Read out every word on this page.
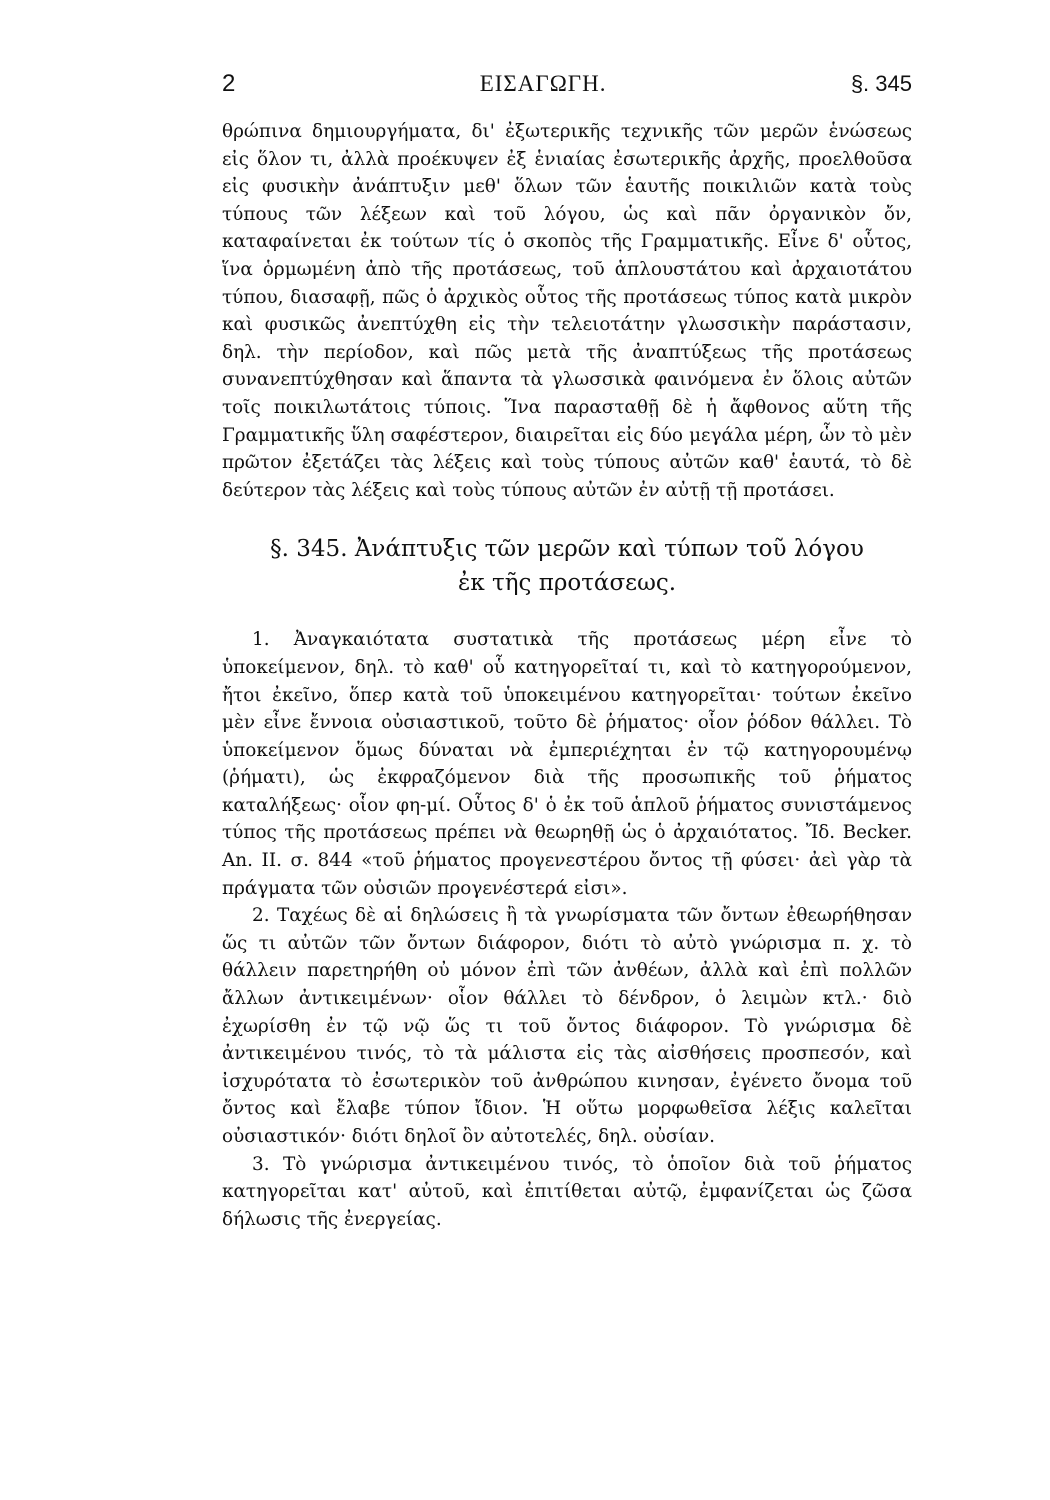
2	ΕΙΣΑΓΩΓΗ.	§. 345

θρώπινα δημιουργήματα, δι' ἐξωτερικῆς τεχνικῆς τῶν μερῶν ἑνώσεως εἰς ὅλον τι, ἀλλὰ προέκυψεν ἐξ ἑνιαίας ἐσωτερικῆς ἀρχῆς, προελθοῦσα εἰς φυσικὴν ἀνάπτυξιν μεθ' ὅλων τῶν ἑαυτῆς ποικιλιῶν κατὰ τοὺς τύπους τῶν λέξεων καὶ τοῦ λόγου, ὡς καὶ πᾶν ὀργανικὸν ὄν, καταφαίνεται ἐκ τούτων τίς ὁ σκοπὸς τῆς Γραμματικῆς. Εἶνε δ' οὗτος, ἵνα ὁρμωμένη ἀπὸ τῆς προτάσεως, τοῦ ἁπλουστάτου καὶ ἀρχαιοτάτου τύπου, διασαφῇ, πῶς ὁ ἀρχικὸς οὗτος τῆς προτάσεως τύπος κατὰ μικρὸν καὶ φυσικῶς ἀνεπτύχθη εἰς τὴν τελειοτάτην γλωσσικὴν παράστασιν, δηλ. τὴν περίοδον, καὶ πῶς μετὰ τῆς ἀναπτύξεως τῆς προτάσεως συνανεπτύχθησαν καὶ ἅπαντα τὰ γλωσσικὰ φαινόμενα ἐν ὅλοις αὐτῶν τοῖς ποικιλωτάτοις τύποις. Ἵνα παρασταθῇ δὲ ἡ ἄφθονος αὕτη τῆς Γραμματικῆς ὕλη σαφέστερον, διαιρεῖται εἰς δύο μεγάλα μέρη, ὧν τὸ μὲν πρῶτον ἐξετάζει τὰς λέξεις καὶ τοὺς τύπους αὐτῶν καθ' ἑαυτά, τὸ δὲ δεύτερον τὰς λέξεις καὶ τοὺς τύπους αὐτῶν ἐν αὐτῇ τῇ προτάσει.

§. 345. Ἀνάπτυξις τῶν μερῶν καὶ τύπων τοῦ λόγου
ἐκ τῆς προτάσεως.

1. Ἀναγκαιότατα συστατικὰ τῆς προτάσεως μέρη εἶνε τὸ ὑποκείμενον, δηλ. τὸ καθ' οὗ κατηγορεῖταί τι, καὶ τὸ κατηγορούμενον, ἤτοι ἐκεῖνο, ὅπερ κατὰ τοῦ ὑποκειμένου κατηγορεῖται· τούτων ἐκεῖνο μὲν εἶνε ἔννοια οὐσιαστικοῦ, τοῦτο δὲ ῥήματος· οἷον ῥόδον θάλλει. Τὸ ὑποκείμενον ὅμως δύναται νὰ ἐμπεριέχηται ἐν τῷ κατηγορουμένῳ (ῥήματι), ὡς ἐκφραζόμενον διὰ τῆς προσωπικῆς τοῦ ῥήματος καταλήξεως· οἷον φη-μί. Οὗτος δ' ὁ ἐκ τοῦ ἁπλοῦ ῥήματος συνιστάμενος τύπος τῆς προτάσεως πρέπει νὰ θεωρηθῇ ὡς ὁ ἀρχαιότατος. Ἴδ. Becker. An. II. σ. 844 «τοῦ ῥήματος προγενεστέρου ὄντος τῇ φύσει· ἀεὶ γὰρ τὰ πράγματα τῶν οὐσιῶν προγενέστερά εἰσι».

2. Ταχέως δὲ αἱ δηλώσεις ἢ τὰ γνωρίσματα τῶν ὄντων ἐθεωρήθησαν ὥς τι αὐτῶν τῶν ὄντων διάφορον, διότι τὸ αὐτὸ γνώρισμα π. χ. τὸ θάλλειν παρετηρήθη οὐ μόνον ἐπὶ τῶν ἀνθέων, ἀλλὰ καὶ ἐπὶ πολλῶν ἄλλων ἀντικειμένων· οἷον θάλλει τὸ δένδρον, ὁ λειμὼν κτλ.· διὸ ἐχωρίσθη ἐν τῷ νῷ ὥς τι τοῦ ὄντος διάφορον. Τὸ γνώρισμα δὲ ἀντικειμένου τινός, τὸ τὰ μάλιστα εἰς τὰς αἰσθήσεις προσπεσόν, καὶ ἰσχυρότατα τὸ ἐσωτερικὸν τοῦ ἀνθρώπου κινησαν, ἐγένετο ὄνομα τοῦ ὄντος καὶ ἔλαβε τύπον ἴδιον. Ἡ οὕτω μορφωθεῖσα λέξις καλεῖται οὐσιαστικόν· διότι δηλοῖ ὂν αὐτοτελές, δηλ. οὐσίαν.

3. Τὸ γνώρισμα ἀντικειμένου τινός, τὸ ὁποῖον διὰ τοῦ ῥήματος κατηγορεῖται κατ' αὐτοῦ, καὶ ἐπιτίθεται αὐτῷ, ἐμφανίζεται ὡς ζῶσα δήλωσις τῆς ἐνεργείας.
